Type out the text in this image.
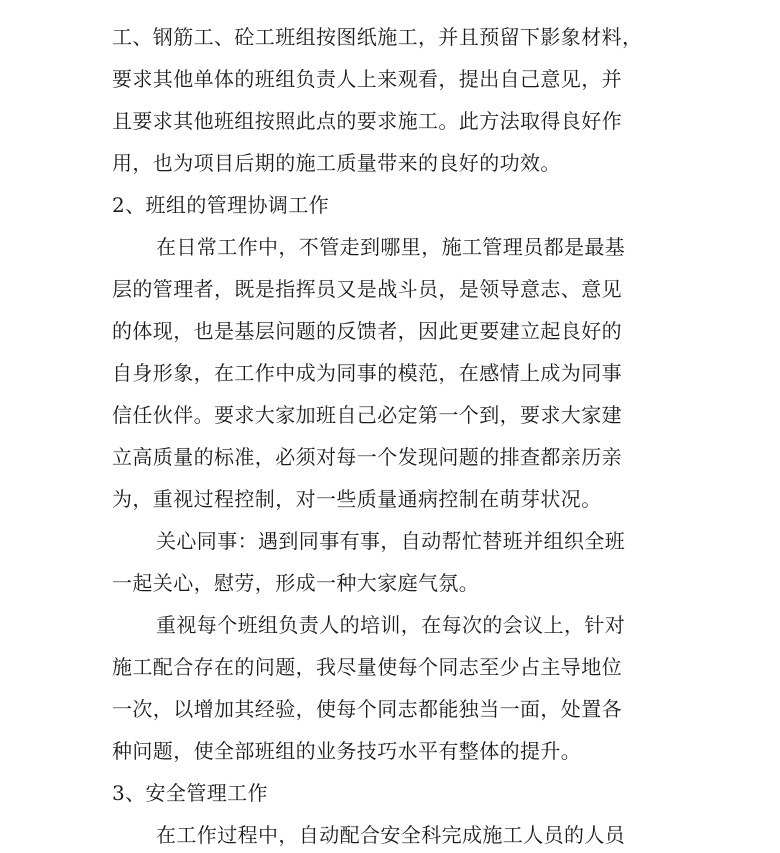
工、钢筋工、砼工班组按图纸施工，并且预留下影象材料，
要求其他单体的班组负责人上来观看，提出自己意见，并
且要求其他班组按照此点的要求施工。此方法取得良好作
用，也为项目后期的施工质量带来的良好的功效。
2、班组的管理协调工作
在日常工作中，不管走到哪里，施工管理员都是最基
层的管理者，既是指挥员又是战斗员，是领导意志、意见
的体现，也是基层问题的反馈者，因此更要建立起良好的
自身形象，在工作中成为同事的模范，在感情上成为同事
信任伙伴。要求大家加班自己必定第一个到，要求大家建
立高质量的标准，必须对每一个发现问题的排查都亲历亲
为，重视过程控制，对一些质量通病控制在萌芽状况。
关心同事：遇到同事有事，自动帮忙替班并组织全班
一起关心，慰劳，形成一种大家庭气氛。
重视每个班组负责人的培训，在每次的会议上，针对
施工配合存在的问题，我尽量使每个同志至少占主导地位
一次，以增加其经验，使每个同志都能独当一面，处置各
种问题，使全部班组的业务技巧水平有整体的提升。
3、安全管理工作
在工作过程中，自动配合安全科完成施工人员的人员
